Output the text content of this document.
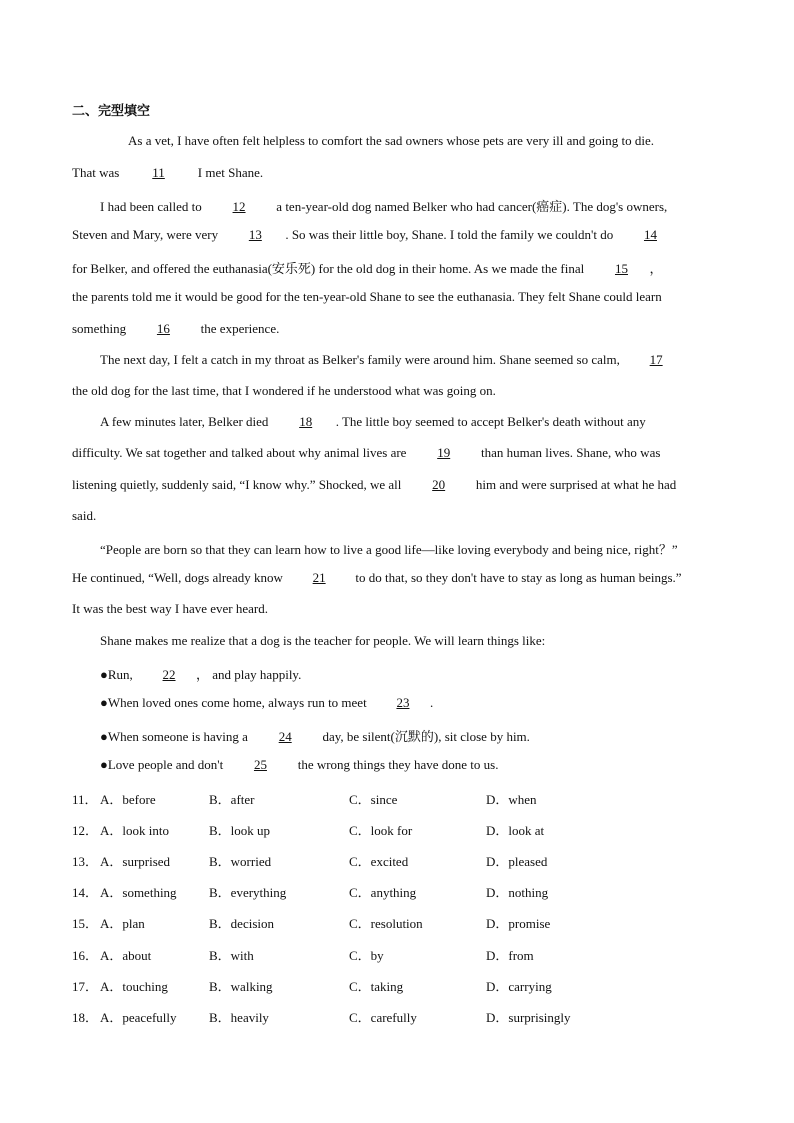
二、完型填空
As a vet, I have often felt helpless to comfort the sad owners whose pets are very ill and going to die.
That was	11	I met Shane.
I had been called to 12 a ten-year-old dog named Belker who had cancer(癌症). The dog's owners,
Steven and Mary, were very 13 . So was their little boy, Shane. I told the family we couldn't do 14
for Belker, and offered the euthanasia(安乐死) for the old dog in their home. As we made the final 15 ，
the parents told me it would be good for the ten-year-old Shane to see the euthanasia. They felt Shane could learn
something 16 the experience.
The next day, I felt a catch in my throat as Belker's family were around him. Shane seemed so calm, 17
the old dog for the last time, that I wondered if he understood what was going on.
A few minutes later, Belker died 18 . The little boy seemed to accept Belker's death without any
difficulty. We sat together and talked about why animal lives are 19 than human lives. Shane, who was
listening quietly, suddenly said, “I know why.” Shocked, we all 20 him and were surprised at what he had
said.
“People are born so that they can learn how to live a good life—like loving everybody and being nice, right？”
He continued, “Well, dogs already know 21 to do that, so they don't have to stay as long as human beings.”
It was the best way I have ever heard.
Shane makes me realize that a dog is the teacher for people. We will learn things like:
●Run, 22 ， and play happily.
●When loved ones come home, always run to meet 23 .
●When someone is having a 24 day, be silent(沉默的), sit close by him.
●Love people and don't 25 the wrong things they have done to us.
11． A．before	B．after	C．since	D．when
12． A．look into	B．look up	C．look for	D．look at
13． A．surprised	B．worried	C．excited	D．pleased
14． A．something B．everything	C．anything	D．nothing
15． A．plan	B．decision	C．resolution	D．promise
16． A．about	B．with	C．by	D．from
17． A．touching	B．walking	C．taking	D．carrying
18． A．peacefully B．heavily	C．carefully	D．surprisingly
